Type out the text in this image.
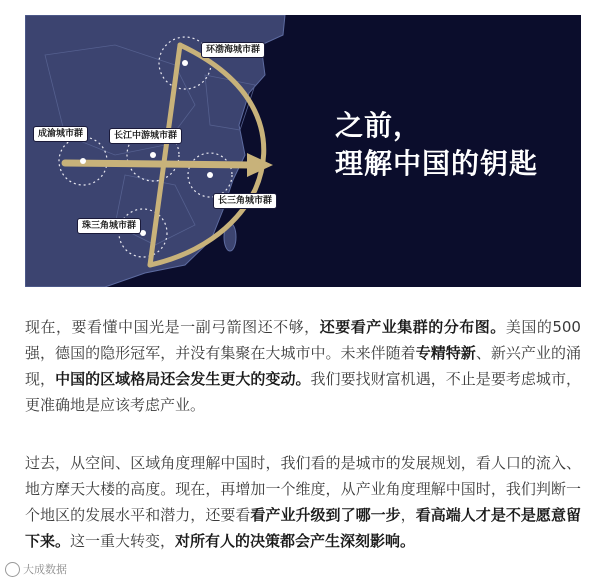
环渤海城市群
成渝城市群	长江中游城市群
长三角城市群
珠三角城市群
之前，
理解中国的钥匙

现在，要看懂中国光是一副弓箭图还不够，还要看产业集群的分布图。美国的500强，德国的隐形冠军，并没有集聚在大城市中。未来伴随着专精特新、新兴产业的涌现，中国的区域格局还会发生更大的变动。我们要找财富机遇，不止是要考虑城市，更准确地是应该考虑产业。

过去，从空间、区域角度理解中国时，我们看的是城市的发展规划，看人口的流入、地方摩天大楼的高度。现在，再增加一个维度，从产业角度理解中国时，我们判断一个地区的发展水平和潜力，还要看看产业升级到了哪一步，看高端人才是不是愿意留下来。这一重大转变，对所有人的决策都会产生深刻影响。

大成数据
